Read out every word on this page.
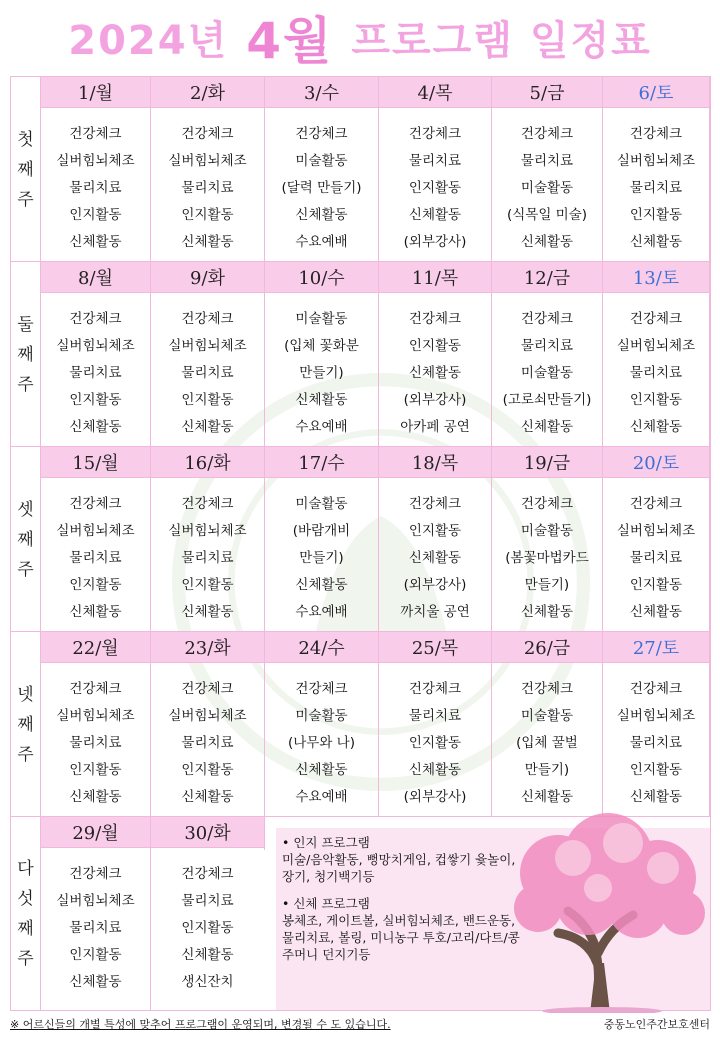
2024년 4월 프로그램 일정표
첫
째
주
1/월
건강체크
실버힘뇌체조
물리치료
인지활동
신체활동
2/화
건강체크
실버힘뇌체조
물리치료
인지활동
신체활동
3/수
건강체크
미술활동
(달력 만들기)
신체활동
수요예배
4/목
건강체크
물리치료
인지활동
신체활동
(외부강사)
5/금
건강체크
물리치료
미술활동
(식목일 미술)
신체활동
6/토
건강체크
실버힘뇌체조
물리치료
인지활동
신체활동
둘
째
주
8/월
건강체크
실버힘뇌체조
물리치료
인지활동
신체활동
9/화
건강체크
실버힘뇌체조
물리치료
인지활동
신체활동
10/수
미술활동
(입체 꽃화분
만들기)
신체활동
수요예배
11/목
건강체크
인지활동
신체활동
(외부강사)
아카페 공연
12/금
건강체크
물리치료
미술활동
(고로쇠만들기)
신체활동
13/토
건강체크
실버힘뇌체조
물리치료
인지활동
신체활동
셋
째
주
15/월
건강체크
실버힘뇌체조
물리치료
인지활동
신체활동
16/화
건강체크
실버힘뇌체조
물리치료
인지활동
신체활동
17/수
미술활동
(바람개비
만들기)
신체활동
수요예배
18/목
건강체크
인지활동
신체활동
(외부강사)
까치울 공연
19/금
건강체크
미술활동
(봄꽃마법카드
만들기)
신체활동
20/토
건강체크
실버힘뇌체조
물리치료
인지활동
신체활동
넷
째
주
22/월
건강체크
실버힘뇌체조
물리치료
인지활동
신체활동
23/화
건강체크
실버힘뇌체조
물리치료
인지활동
신체활동
24/수
건강체크
미술활동
(나무와 나)
신체활동
수요예배
25/목
건강체크
물리치료
인지활동
신체활동
(외부강사)
26/금
건강체크
미술활동
(입체 꿀벌
만들기)
신체활동
27/토
건강체크
실버힘뇌체조
물리치료
인지활동
신체활동
다
섯
째
주
29/월
건강체크
실버힘뇌체조
물리치료
인지활동
신체활동
30/화
건강체크
물리치료
인지활동
신체활동
생신잔치
• 인지 프로그램
미술/음악활동, 뻥망치게임, 컵쌓기 윷놀이, 장기, 청기백기등
• 신체 프로그램
봉체조, 게이트볼, 실버힘뇌체조, 밴드운동, 물리치료, 볼링, 미니농구 투호/고리/다트/콩주머니 던지기등
※ 어르신들의 개별 특성에 맞추어 프로그램이 운영되며, 변경될 수 도 있습니다.	중동노인주간보호센터
